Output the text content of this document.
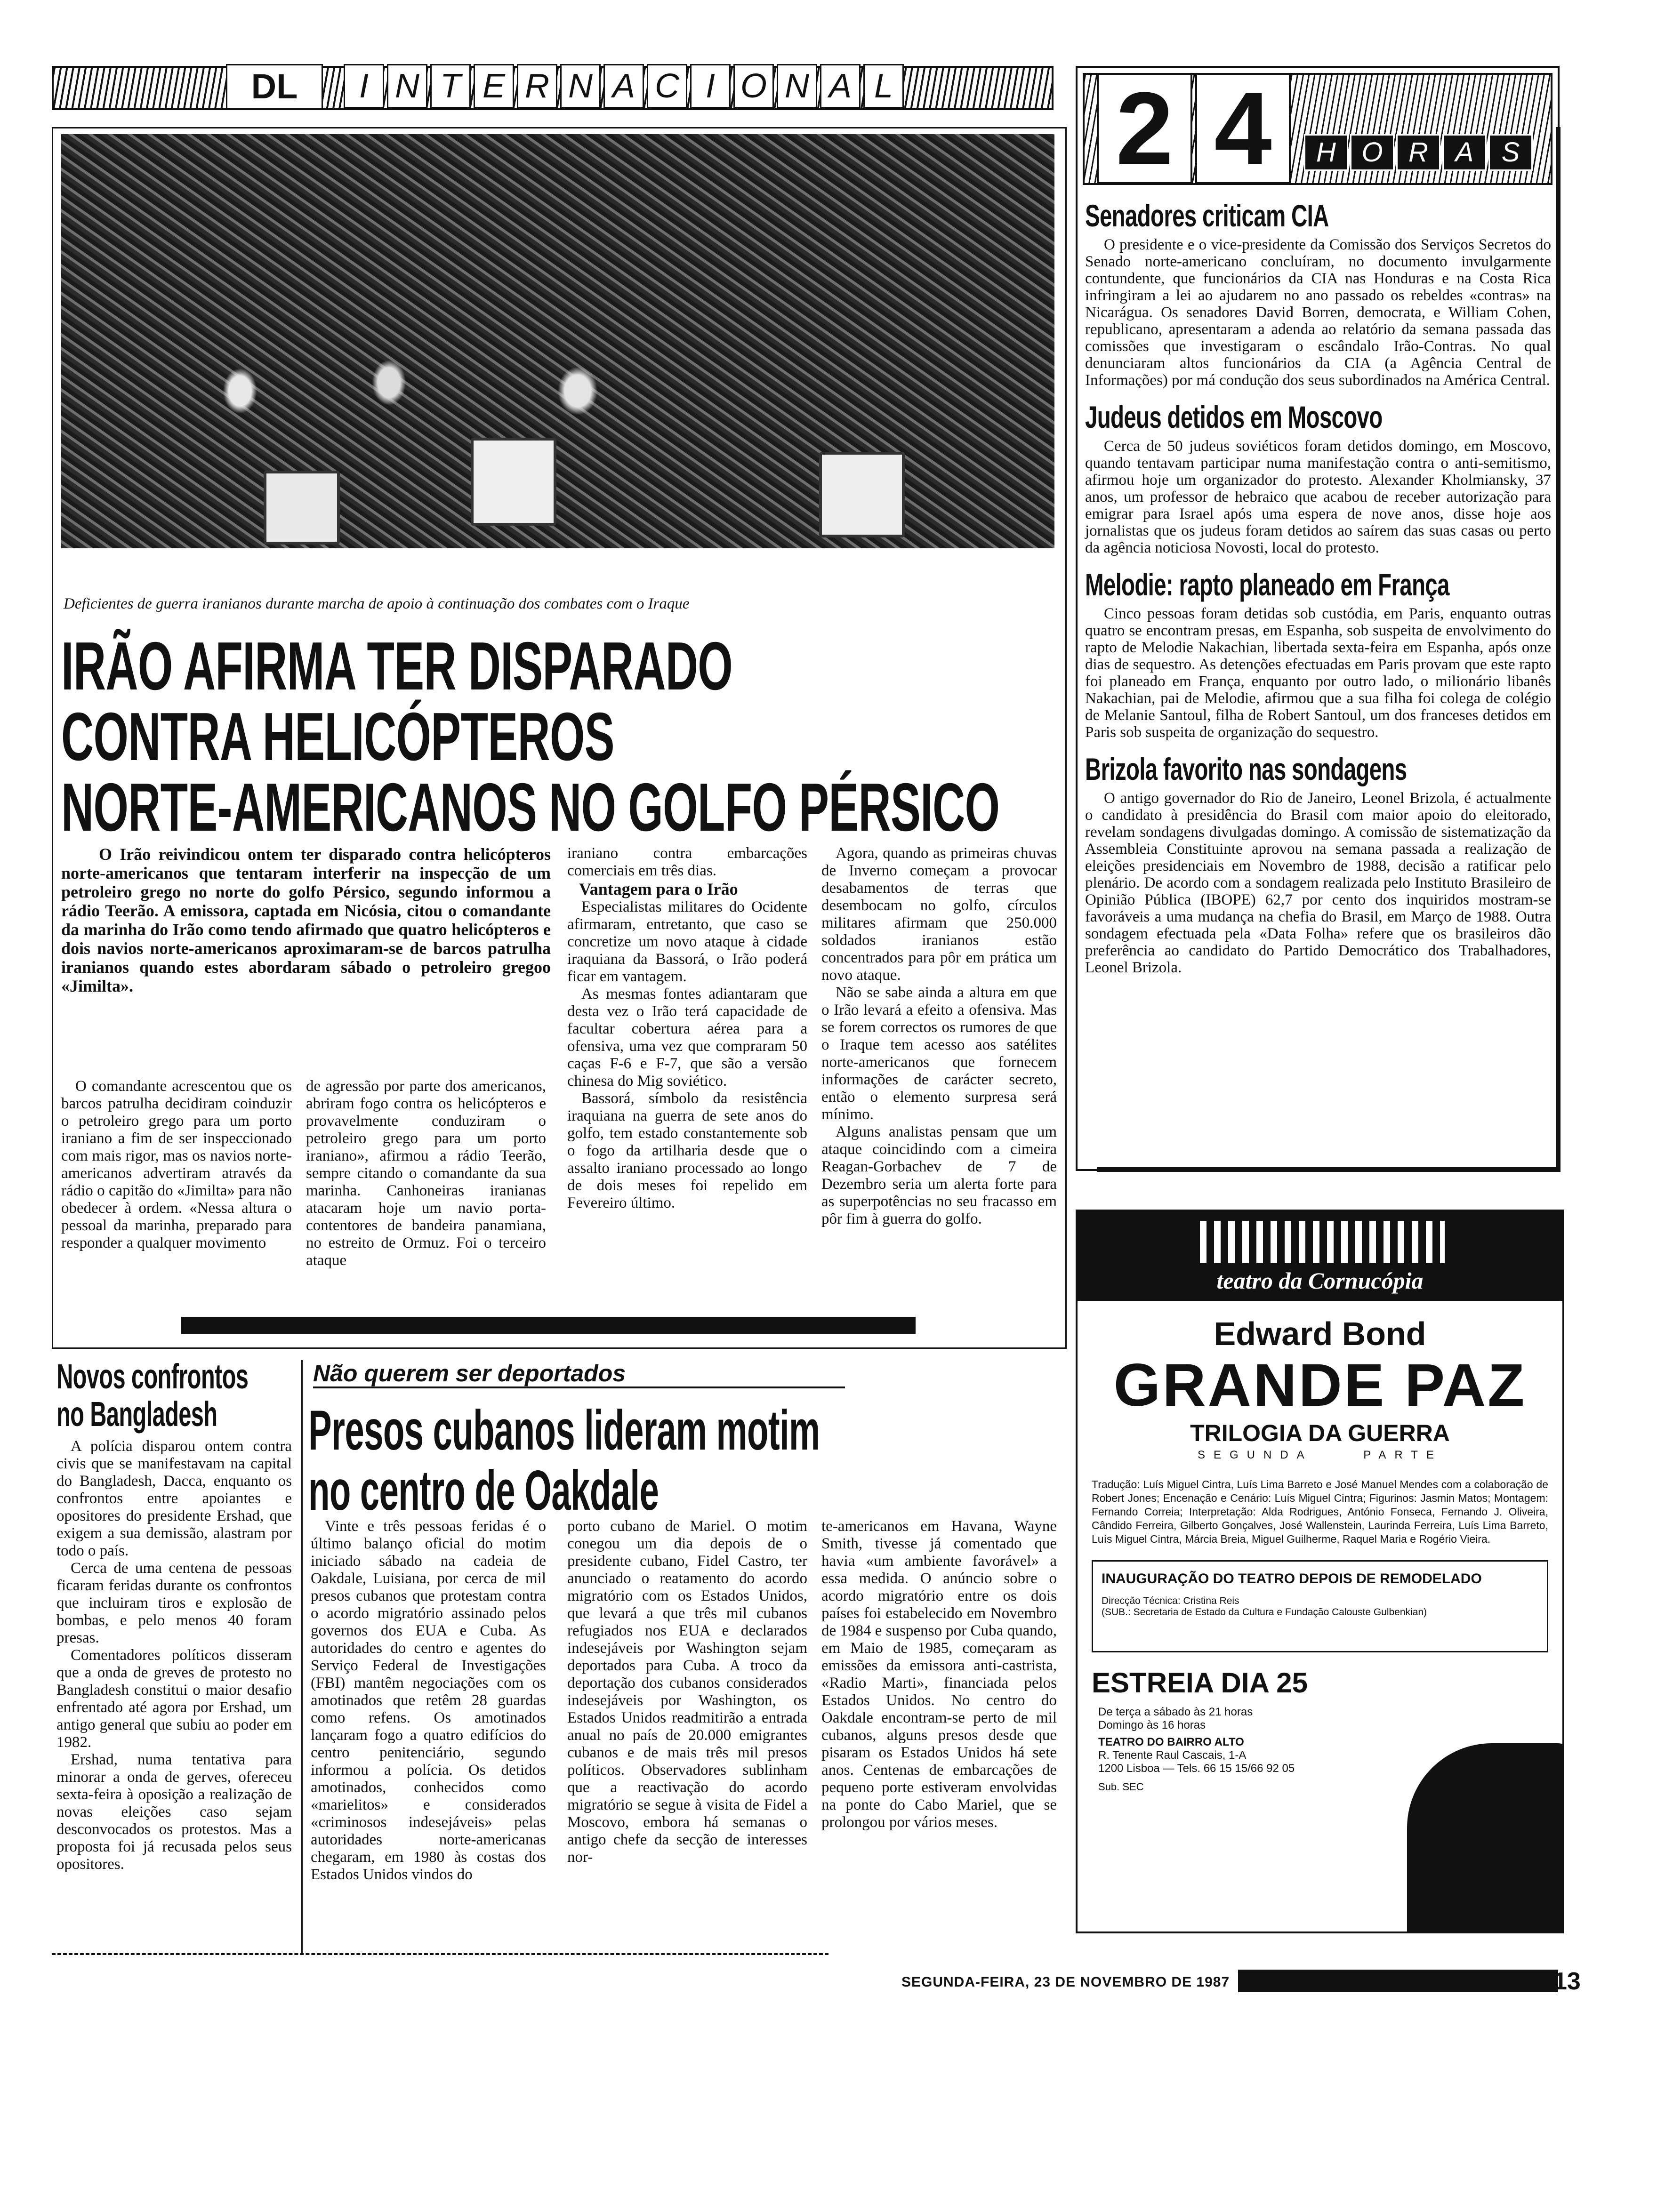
DL	I N T E R N A C I O N A L 2 4	H O R A	S
Deficientes de guerra iranianos durante marcha de apoio à continuação dos combates com o Iraque
IRÃO AFIRMA TER DISPARADO
CONTRA HELICÓPTEROS
NORTE-AMERICANOS NO GOLFO PÉRSICO

O Irão reivindicou ontem ter disparado contra helicópteros norte-americanos que tentaram interferir na inspecção de um petroleiro grego no norte do golfo Pérsico, segundo informou a rádio Teerão. A emissora, captada em Nicósia, citou o comandante da marinha do Irão como tendo afirmado que quatro helicópteros e dois navios norte-americanos aproximaram-se de barcos patrulha iranianos quando estes abordaram sábado o petroleiro gregoo «Jimilta».

O comandante acrescentou que os barcos patrulha decidiram coinduzir o petroleiro grego para um porto iraniano a fim de ser inspeccionado com mais rigor, mas os navios norte-americanos advertiram através da rádio o capitão do «Jimilta» para não obedecer à ordem. «Nessa altura o pessoal da marinha, preparado para responder a qualquer movimento

de agressão por parte dos americanos, abriram fogo contra os helicópteros e provavelmente conduziram o petroleiro grego para um porto iraniano», afirmou a rádio Teerão, sempre citando o comandante da sua marinha. Canhoneiras iranianas atacaram hoje um navio porta-contentores de bandeira panamiana, no estreito de Ormuz. Foi o terceiro ataque

iraniano contra embarcações comerciais em três dias.

Vantagem para o Irão

Especialistas militares do Ocidente afirmaram, entretanto, que caso se concretize um novo ataque à cidade iraquiana da Bassorá, o Irão poderá ficar em vantagem.

As mesmas fontes adiantaram que desta vez o Irão terá capacidade de facultar cobertura aérea para a ofensiva, uma vez que compraram 50 caças F-6 e F-7, que são a versão chinesa do Mig soviético.

Bassorá, símbolo da resistência iraquiana na guerra de sete anos do golfo, tem estado constantemente sob o fogo da artilharia desde que o assalto iraniano processado ao longo de dois meses foi repelido em Fevereiro último.

Agora, quando as primeiras chuvas de Inverno começam a provocar desabamentos de terras que desembocam no golfo, círculos militares afirmam que 250.000 soldados iranianos estão concentrados para pôr em prática um novo ataque.

Não se sabe ainda a altura em que o Irão levará a efeito a ofensiva. Mas se forem correctos os rumores de que o Iraque tem acesso aos satélites norte-americanos que fornecem informações de carácter secreto, então o elemento surpresa será mínimo.

Alguns analistas pensam que um ataque coincidindo com a cimeira Reagan-Gorbachev de 7 de Dezembro seria um alerta forte para as superpotências no seu fracasso em pôr fim à guerra do golfo.

Senadores criticam CIA

O presidente e o vice-presidente da Comissão dos Serviços Secretos do Senado norte-americano concluíram, no documento invulgarmente contundente, que funcionários da CIA nas Honduras e na Costa Rica infringiram a lei ao ajudarem no ano passado os rebeldes «contras» na Nicarágua. Os senadores David Borren, democrata, e William Cohen, republicano, apresentaram a adenda ao relatório da semana passada das comissões que investigaram o escândalo Irão-Contras. No qual denunciaram altos funcionários da CIA (a Agência Central de Informações) por má condução dos seus subordinados na América Central.

Judeus detidos em Moscovo

Cerca de 50 judeus soviéticos foram detidos domingo, em Moscovo, quando tentavam participar numa manifestação contra o anti-semitismo, afirmou hoje um organizador do protesto. Alexander Kholmiansky, 37 anos, um professor de hebraico que acabou de receber autorização para emigrar para Israel após uma espera de nove anos, disse hoje aos jornalistas que os judeus foram detidos ao saírem das suas casas ou perto da agência noticiosa Novosti, local do protesto.

Melodie: rapto planeado em França

Cinco pessoas foram detidas sob custódia, em Paris, enquanto outras quatro se encontram presas, em Espanha, sob suspeita de envolvimento do rapto de Melodie Nakachian, libertada sexta-feira em Espanha, após onze dias de sequestro. As detenções efectuadas em Paris provam que este rapto foi planeado em França, enquanto por outro lado, o milionário libanês Nakachian, pai de Melodie, afirmou que a sua filha foi colega de colégio de Melanie Santoul, filha de Robert Santoul, um dos franceses detidos em Paris sob suspeita de organização do sequestro.

Brizola favorito nas sondagens

O antigo governador do Rio de Janeiro, Leonel Brizola, é actualmente o candidato à presidência do Brasil com maior apoio do eleitorado, revelam sondagens divulgadas domingo. A comissão de sistematização da Assembleia Constituinte aprovou na semana passada a realização de eleições presidenciais em Novembro de 1988, decisão a ratificar pelo plenário. De acordo com a sondagem realizada pelo Instituto Brasileiro de Opinião Pública (IBOPE) 62,7 por cento dos inquiridos mostram-se favoráveis a uma mudança na chefia do Brasil, em Março de 1988. Outra sondagem efectuada pela «Data Folha» refere que os brasileiros dão preferência ao candidato do Partido Democrático dos Trabalhadores, Leonel Brizola.

Novos confrontos
no Bangladesh

A polícia disparou ontem contra civis que se manifestavam na capital do Bangladesh, Dacca, enquanto os confrontos entre apoiantes e opositores do presidente Ershad, que exigem a sua demissão, alastram por todo o país.

Cerca de uma centena de pessoas ficaram feridas durante os confrontos que incluiram tiros e explosão de bombas, e pelo menos 40 foram presas.

Comentadores políticos disseram que a onda de greves de protesto no Bangladesh constitui o maior desafio enfrentado até agora por Ershad, um antigo general que subiu ao poder em 1982.

Ershad, numa tentativa para minorar a onda de gerves, ofereceu sexta-feira à oposição a realização de novas eleições caso sejam desconvocados os protestos. Mas a proposta foi já recusada pelos seus opositores.

Não querem ser deportados
Presos cubanos lideram motim
no centro de Oakdale

Vinte e três pessoas feridas é o último balanço oficial do motim iniciado sábado na cadeia de Oakdale, Luisiana, por cerca de mil presos cubanos que protestam contra o acordo migratório assinado pelos governos dos EUA e Cuba. As autoridades do centro e agentes do Serviço Federal de Investigações (FBI) mantêm negociações com os amotinados que retêm 28 guardas como refens. Os amotinados lançaram fogo a quatro edifícios do centro penitenciário, segundo informou a polícia. Os detidos amotinados, conhecidos como «marielitos» e considerados «criminosos indesejáveis» pelas autoridades norte-americanas chegaram, em 1980 às costas dos Estados Unidos vindos do

porto cubano de Mariel. O motim conegou um dia depois de o presidente cubano, Fidel Castro, ter anunciado o reatamento do acordo migratório com os Estados Unidos, que levará a que três mil cubanos refugiados nos EUA e declarados indesejáveis por Washington sejam deportados para Cuba. A troco da deportação dos cubanos considerados indesejáveis por Washington, os Estados Unidos readmitirão a entrada anual no país de 20.000 emigrantes cubanos e de mais três mil presos políticos. Observadores sublinham que a reactivação do acordo migratório se segue à visita de Fidel a Moscovo, embora há semanas o antigo chefe da secção de interesses nor-

te-americanos em Havana, Wayne Smith, tivesse já comentado que havia «um ambiente favorável» a essa medida. O anúncio sobre o acordo migratório entre os dois países foi estabelecido em Novembro de 1984 e suspenso por Cuba quando, em Maio de 1985, começaram as emissões da emissora anti-castrista, «Radio Marti», financiada pelos Estados Unidos. No centro do Oakdale encontram-se perto de mil cubanos, alguns presos desde que pisaram os Estados Unidos há sete anos. Centenas de embarcações de pequeno porte estiveram envolvidas na ponte do Cabo Mariel, que se prolongou por vários meses.

teatro da Cornucópia
Edward Bond
GRANDE PAZ
TRILOGIA DA GUERRA
SEGUNDA	PARTE

Tradução: Luís Miguel Cintra, Luís Lima Barreto e José Manuel Mendes com a colaboração de Robert Jones; Encenação e Cenário: Luís Miguel Cintra; Figurinos: Jasmin Matos; Montagem: Fernando Correia; Interpretação: Alda Rodrigues, António Fonseca, Fernando J. Oliveira, Cândido Ferreira, Gilberto Gonçalves, José Wallenstein, Laurinda Ferreira, Luís Lima Barreto, Luís Miguel Cintra, Márcia Breia, Miguel Guilherme, Raquel Maria e Rogério Vieira.

INAUGURAÇÃO DO TEATRO DEPOIS DE REMODELADO
Direcção Técnica: Cristina Reis
(SUB.: Secretaria de Estado da Cultura e Fundação Calouste Gulbenkian)
ESTREIA DIA 25
De terça a sábado às 21 horas
Domingo às 16 horas
TEATRO DO BAIRRO ALTO
R. Tenente Raul Cascais, 1-A
1200 Lisboa — Tels. 66 15 15/66 92 05
Sub. SEC
SEGUNDA-FEIRA, 23 DE NOVEMBRO DE 1987	13
